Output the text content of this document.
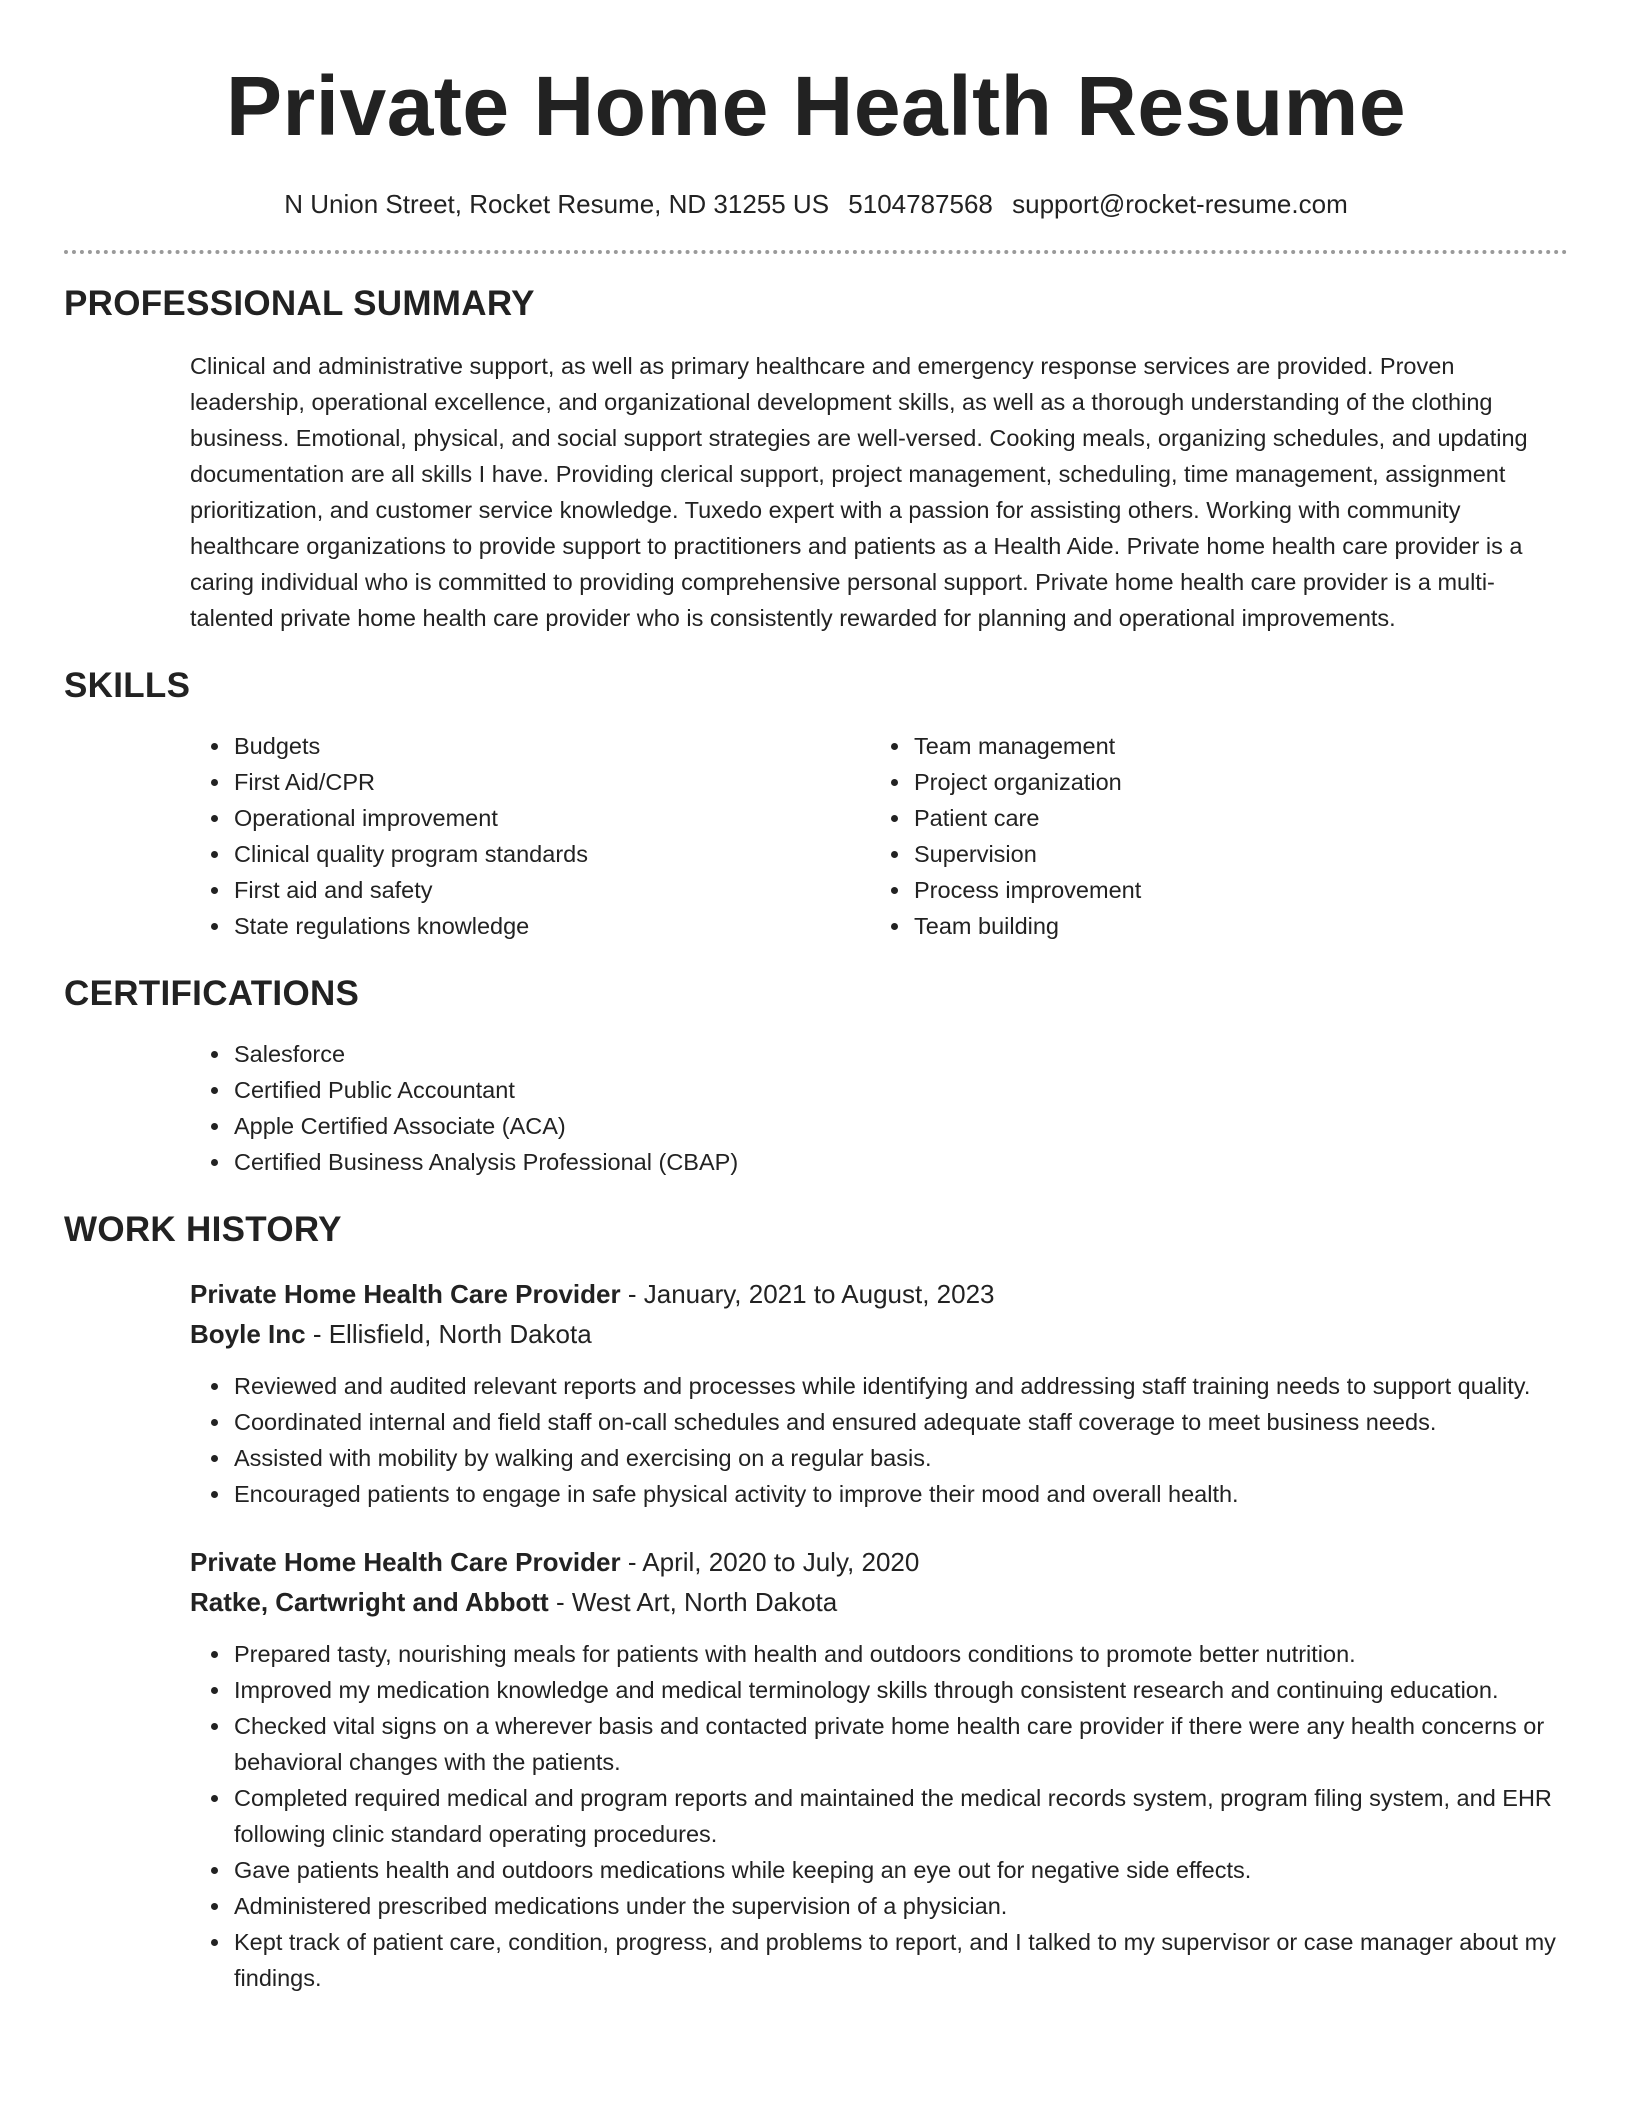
Private Home Health Resume
N Union Street, Rocket Resume, ND 31255 US 5104787568 support@rocket-resume.com
PROFESSIONAL SUMMARY

Clinical and administrative support, as well as primary healthcare and emergency response services are provided. Proven leadership, operational excellence, and organizational development skills, as well as a thorough understanding of the clothing business. Emotional, physical, and social support strategies are well-versed. Cooking meals, organizing schedules, and updating documentation are all skills I have. Providing clerical support, project management, scheduling, time management, assignment prioritization, and customer service knowledge. Tuxedo expert with a passion for assisting others. Working with community healthcare organizations to provide support to practitioners and patients as a Health Aide. Private home health care provider is a caring individual who is committed to providing comprehensive personal support. Private home health care provider is a multi-talented private home health care provider who is consistently rewarded for planning and operational improvements.

SKILLS
• Budgets
• First Aid/CPR
• Operational improvement
• Clinical quality program standards
• First aid and safety
• State regulations knowledge
• Team management
• Project organization
• Patient care
• Supervision
• Process improvement
• Team building
CERTIFICATIONS
• Salesforce
• Certified Public Accountant
• Apple Certified Associate (ACA)
• Certified Business Analysis Professional (CBAP)
WORK HISTORY
Private Home Health Care Provider - January, 2021 to August, 2023
Boyle Inc - Ellisfield, North Dakota
• Reviewed and audited relevant reports and processes while identifying and addressing staff training needs to support quality.
• Coordinated internal and field staff on-call schedules and ensured adequate staff coverage to meet business needs.
• Assisted with mobility by walking and exercising on a regular basis.
• Encouraged patients to engage in safe physical activity to improve their mood and overall health.
Private Home Health Care Provider - April, 2020 to July, 2020
Ratke, Cartwright and Abbott - West Art, North Dakota
• Prepared tasty, nourishing meals for patients with health and outdoors conditions to promote better nutrition.
• Improved my medication knowledge and medical terminology skills through consistent research and continuing education.
• Checked vital signs on a wherever basis and contacted private home health care provider if there were any health concerns or behavioral changes with the patients.
• Completed required medical and program reports and maintained the medical records system, program filing system, and EHR following clinic standard operating procedures.
• Gave patients health and outdoors medications while keeping an eye out for negative side effects.
• Administered prescribed medications under the supervision of a physician.
• Kept track of patient care, condition, progress, and problems to report, and I talked to my supervisor or case manager about my findings.
